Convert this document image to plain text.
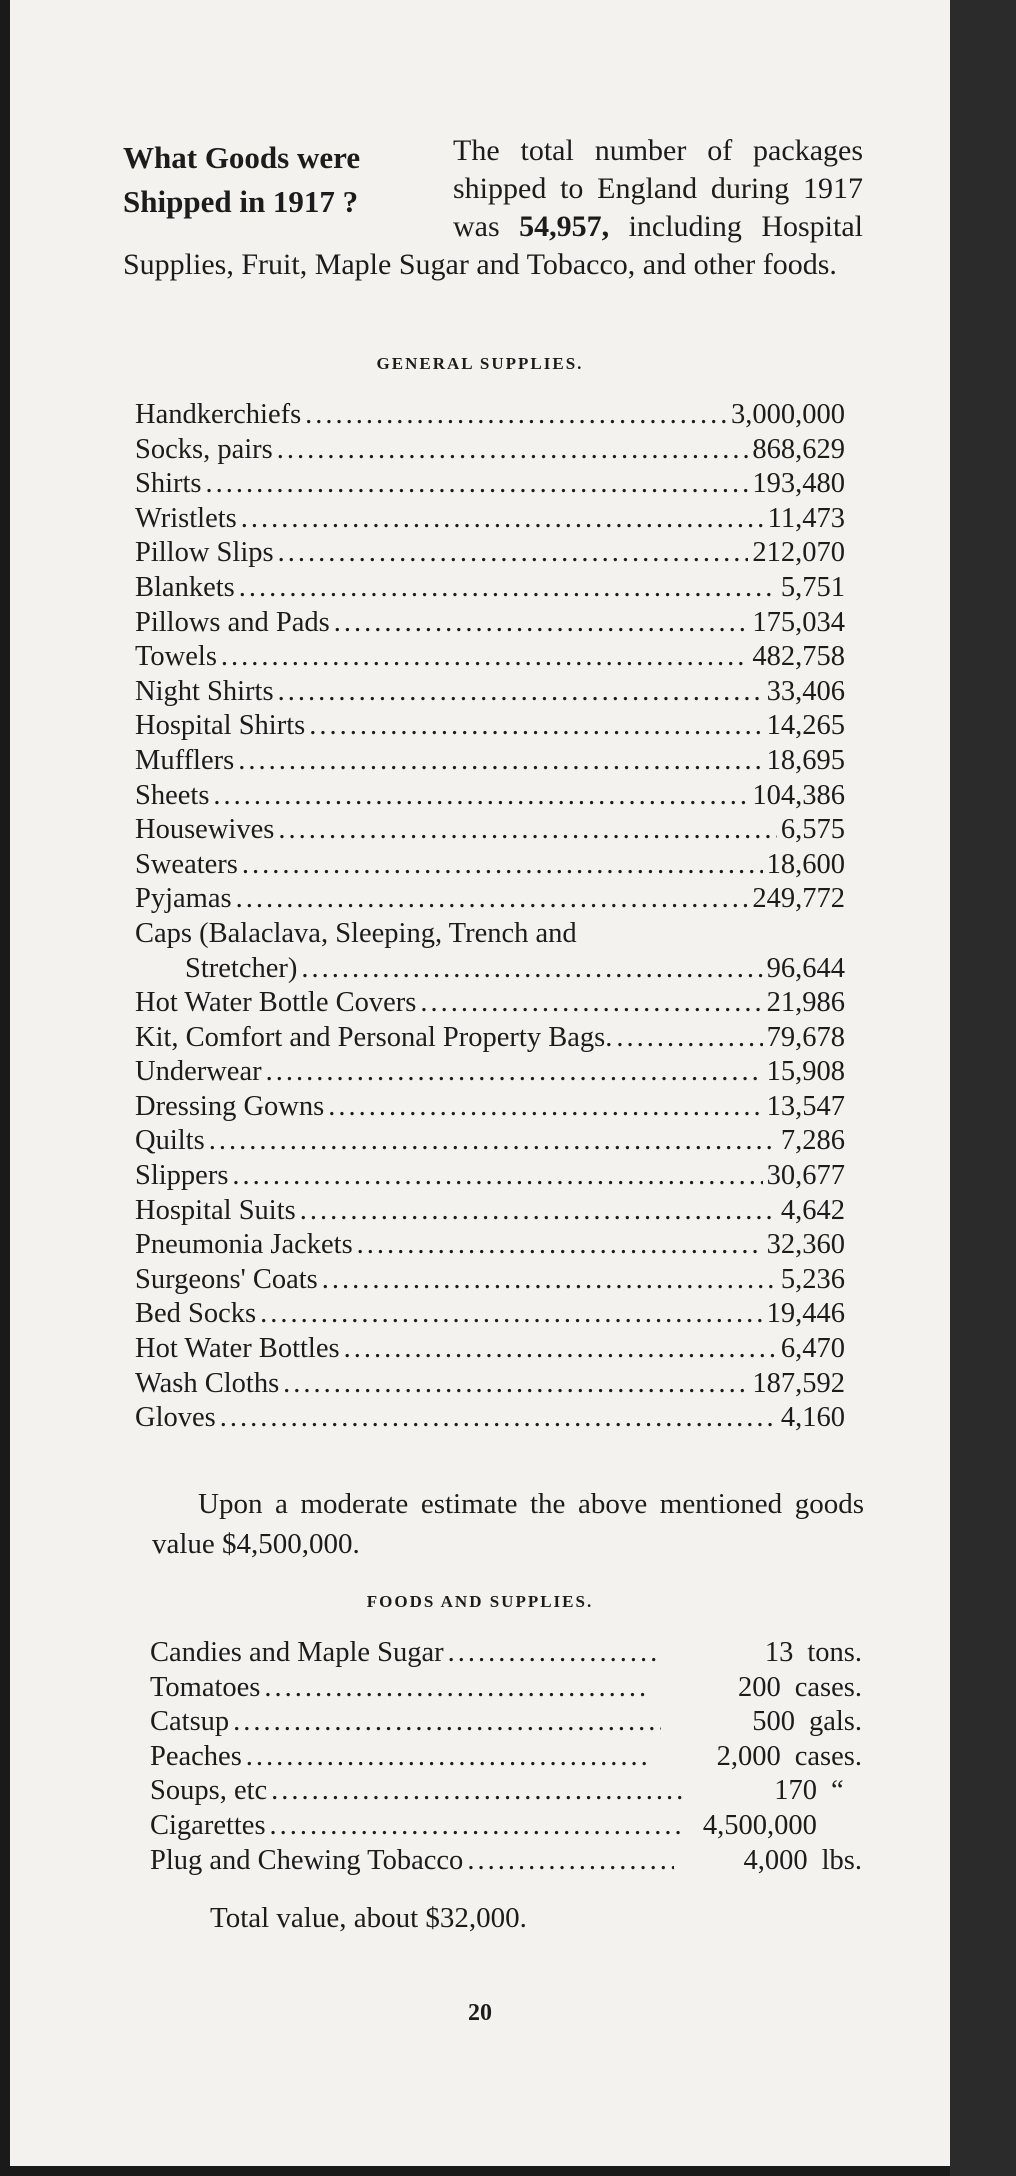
What Goods were
Shipped in 1917 ?
The total number of packages shipped to England during 1917 was 54,957, including Hospital Supplies, Fruit, Maple Sugar and Tobacco, and other foods.
GENERAL SUPPLIES.
Handkerchiefs .....	3,000,000
Socks, pairs .....	868,629
Shirts .....	193,480
Wristlets .....	11,473
Pillow Slips .....	212,070
Blankets .....	5,751
Pillows and Pads .....	175,034
Towels .....	482,758
Night Shirts .....	33,406
Hospital Shirts .....	14,265
Mufflers .....	18,695
Sheets .....	104,386
Housewives .....	6,575
Sweaters .....	18,600
Pyjamas .....	249,772
Caps (Balaclava, Sleeping, Trench and
Stretcher) .....	96,644
Hot Water Bottle Covers .....	21,986
Kit, Comfort and Personal Property Bags. .....	79,678
Underwear .....	15,908
Dressing Gowns .....	13,547
Quilts .....	7,286
Slippers .....	30,677
Hospital Suits .....	4,642
Pneumonia Jackets .....	32,360
Surgeons' Coats .....	5,236
Bed Socks .....	19,446
Hot Water Bottles .....	6,470
Wash Cloths .....	187,592
Gloves .....	4,160
Upon a moderate estimate the above mentioned goods value $4,500,000.
FOODS AND SUPPLIES.
Candies and Maple Sugar .....	13 tons.
Tomatoes .....	200 cases.
Catsup .....	500 gals.
Peaches .....	2,000 cases.
Soups, etc .....	170 “
Cigarettes .....	4,500,000
Plug and Chewing Tobacco .....	4,000 lbs.
Total value, about $32,000.
20
